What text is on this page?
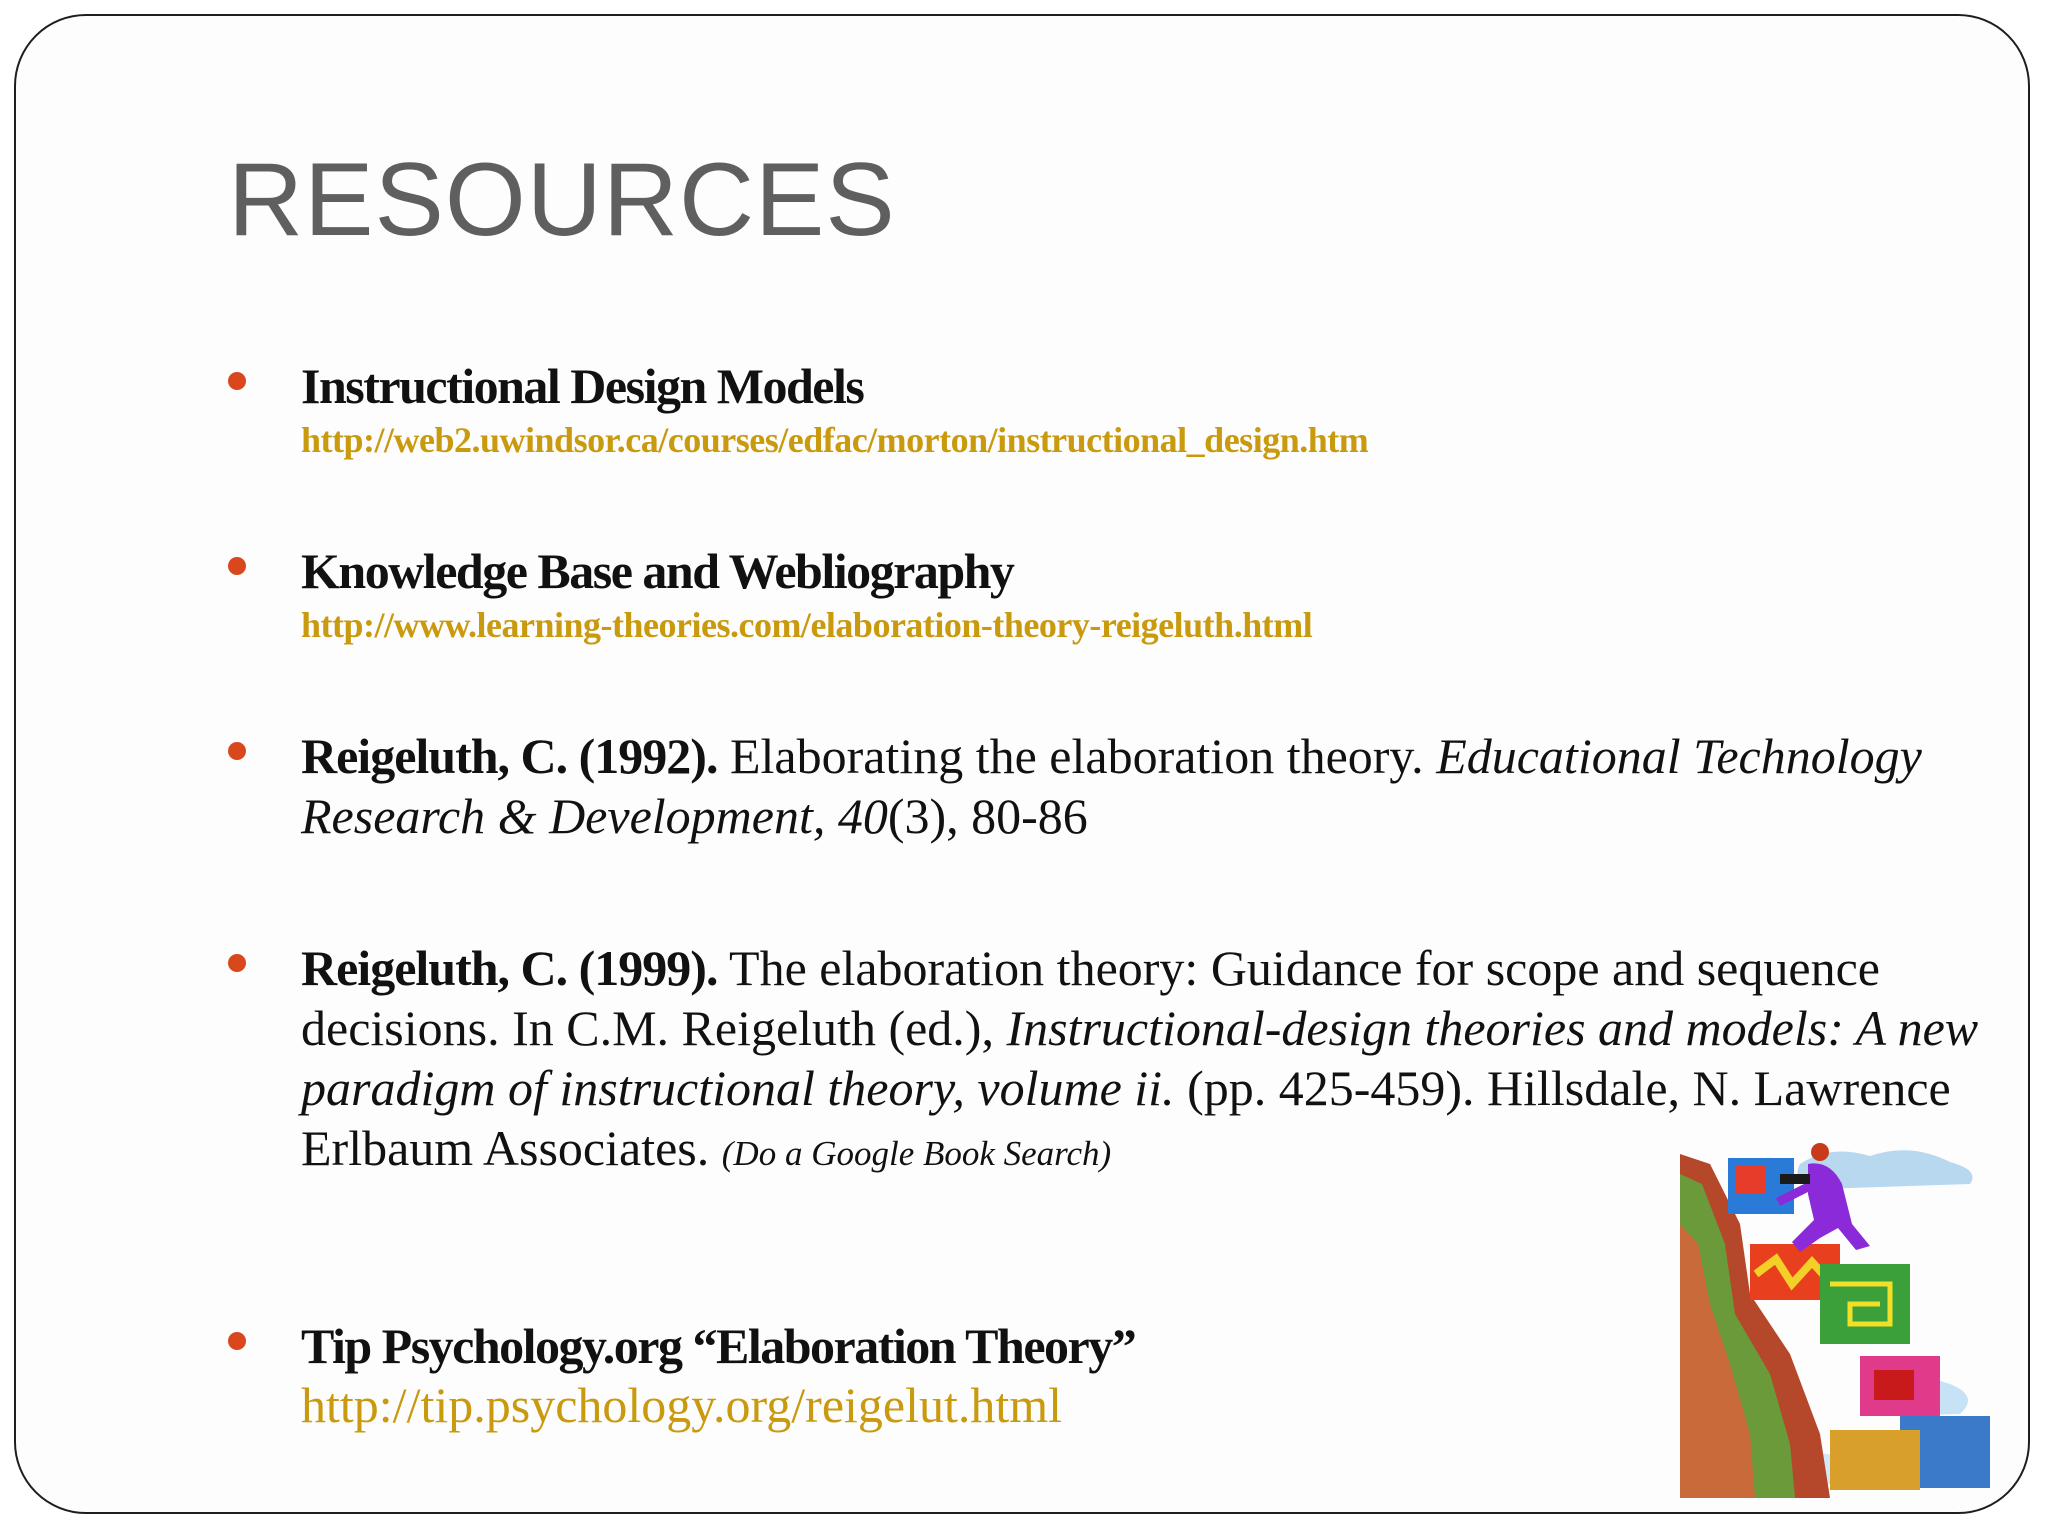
RESOURCES
Instructional Design Models
http://web2.uwindsor.ca/courses/edfac/morton/instructional_design.htm
Knowledge Base and Webliography
http://www.learning-theories.com/elaboration-theory-reigeluth.html
Reigeluth, C. (1992). Elaborating the elaboration theory. Educational Technology Research & Development, 40(3), 80-86
Reigeluth, C. (1999). The elaboration theory: Guidance for scope and sequence decisions. In C.M. Reigeluth (ed.), Instructional-design theories and models: A new paradigm of instructional theory, volume ii. (pp. 425-459). Hillsdale, N. Lawrence Erlbaum Associates. (Do a Google Book Search)
Tip Psychology.org “Elaboration Theory”
http://tip.psychology.org/reigelut.html
